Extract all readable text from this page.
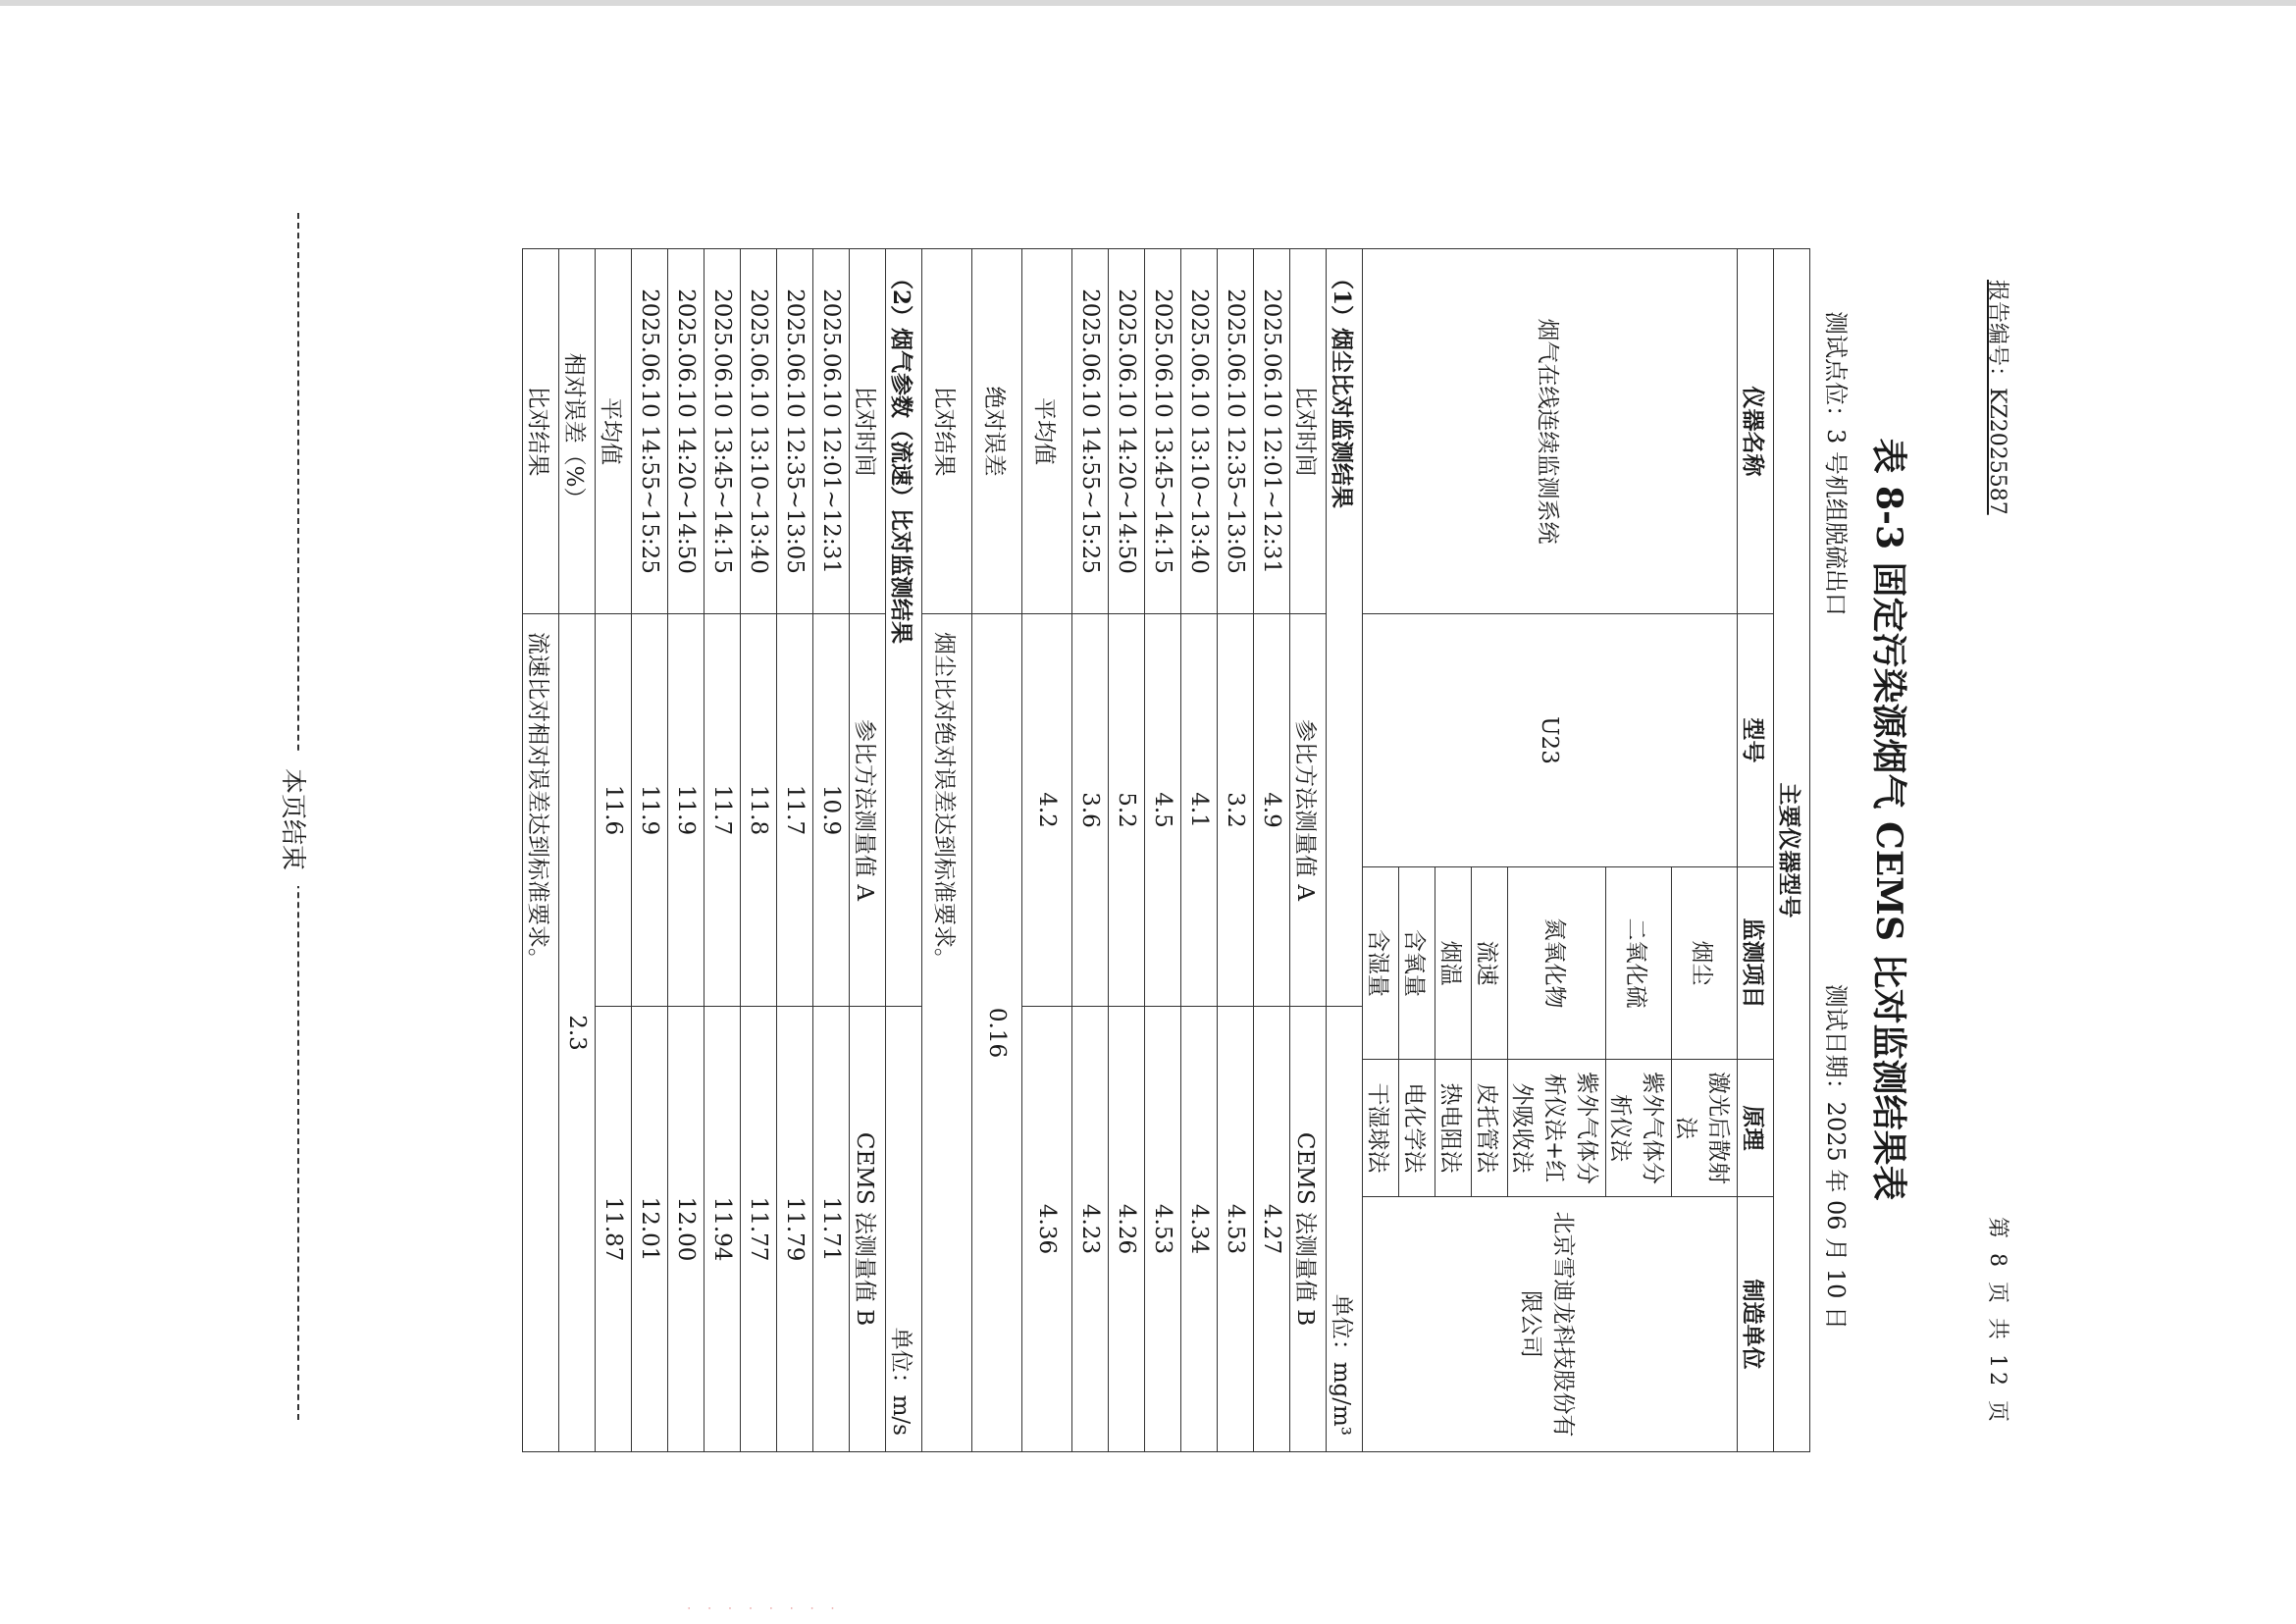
‧ ‧ ‧ ‧ ‧ ‧ ‧ ‧
报告编号：KZ2025587
第 8 页 共 12 页
表 8-3 固定污染源烟气 CEMS 比对监测结果表
测试点位：3 号机组脱硫出口
测试日期：2025 年 06 月 10 日
主要仪器型号					
仪器名称	型号	监测项目		原理	制造单位
烟气在线连续监测系统	U23	烟尘		激光后散射法	北京雪迪龙科技股份有限公司
		二氧化硫		紫外气体分析仪法	
		氮氧化物		紫外气体分析仪法+红外吸收法	
		流速		皮托管法	
		烟温		热电阻法	
		含氧量		电化学法	
		含湿量		干湿球法	
（1）烟尘比对监测结果			单位：mg/m³		
比对时间	参比方法测量值 A		CEMS 法测量值 B		
2025.06.10 12:01~12:31	4.9		4.27		
2025.06.10 12:35~13:05	3.2		4.53		
2025.06.10 13:10~13:40	4.1		4.34		
2025.06.10 13:45~14:15	4.5		4.53		
2025.06.10 14:20~14:50	5.2		4.26		
2025.06.10 14:55~15:25	3.6		4.23		
平均值	4.2		4.36		
绝对误差	0.16				
比对结果	烟尘比对绝对误差达到标准要求。				
（2）烟气参数（流速）比对监测结果			单位：m/s		
比对时间	参比方法测量值 A		CEMS 法测量值 B		
2025.06.10 12:01~12:31	10.9		11.71		
2025.06.10 12:35~13:05	11.7		11.79		
2025.06.10 13:10~13:40	11.8		11.77		
2025.06.10 13:45~14:15	11.7		11.94		
2025.06.10 14:20~14:50	11.9		12.00		
2025.06.10 14:55~15:25	11.9		12.01		
平均值	11.6		11.87		
相对误差（%）	2.3				
比对结果	流速比对相对误差达到标准要求。				
本页结束
